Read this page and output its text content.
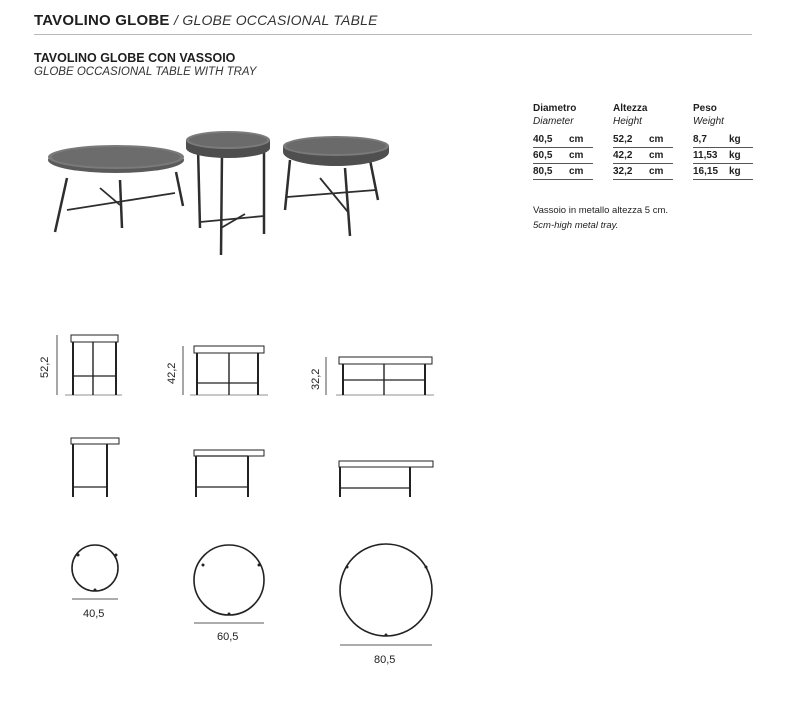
TAVOLINO GLOBE / GLOBE OCCASIONAL TABLE
TAVOLINO GLOBE CON VASSOIO
GLOBE OCCASIONAL TABLE WITH TRAY
Diametro			Altezza			Peso	
Diameter			Height			Weight	
40,5	cm		52,2	cm		8,7	kg
60,5	cm		42,2	cm		11,53	kg
80,5	cm		32,2	cm		16,15	kg
Vassoio in metallo altezza 5 cm.
5cm-high metal tray.
52,2	42,2	32,2
40,5
60,5
80,5
